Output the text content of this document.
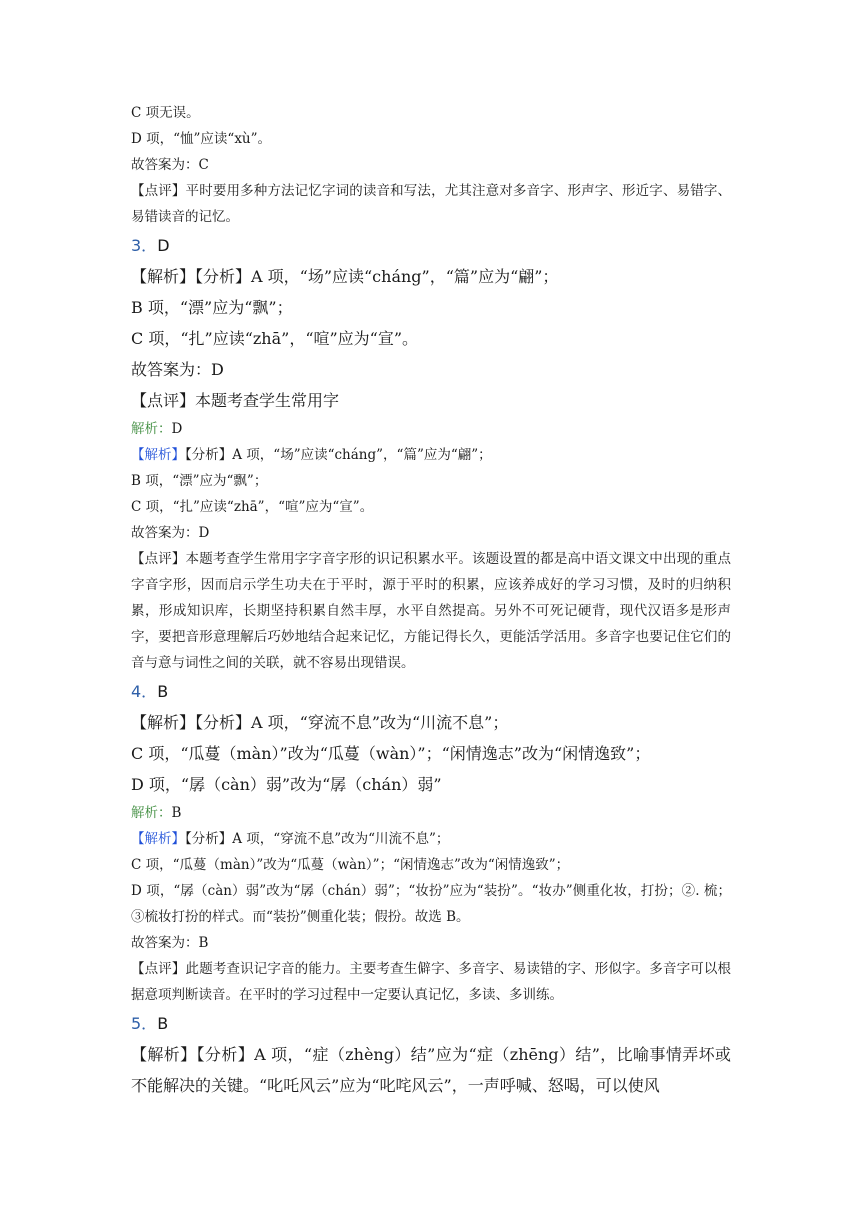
C 项无误。
D 项，“恤”应读“xù”。
故答案为：C
【点评】平时要用多种方法记忆字词的读音和写法，尤其注意对多音字、形声字、形近字、易错字、易错读音的记忆。
3．D
【解析】【分析】A 项，“场”应读“cháng”，“篇”应为“翩”；
B 项，“漂”应为“飘”；
C 项，“扎”应读“zhā”，“喧”应为“宣”。
故答案为：D
【点评】本题考查学生常用字
解析：D
【解析】【分析】A 项，“场”应读“cháng”，“篇”应为“翩”；
B 项，“漂”应为“飘”；
C 项，“扎”应读“zhā”，“喧”应为“宣”。
故答案为：D
【点评】本题考查学生常用字字音字形的识记积累水平。该题设置的都是高中语文课文中出现的重点字音字形，因而启示学生功夫在于平时，源于平时的积累，应该养成好的学习习惯，及时的归纳积累，形成知识库，长期坚持积累自然丰厚，水平自然提高。另外不可死记硬背，现代汉语多是形声字，要把音形意理解后巧妙地结合起来记忆，方能记得长久，更能活学活用。多音字也要记住它们的音与意与词性之间的关联，就不容易出现错误。
4．B
【解析】【分析】A 项，“穿流不息”改为“川流不息”；
C 项，“瓜蔓（màn）”改为“瓜蔓（wàn）”；“闲情逸志”改为“闲情逸致”；
D 项，“孱（càn）弱”改为“孱（chán）弱”
解析：B
【解析】【分析】A 项，“穿流不息”改为“川流不息”；
C 项，“瓜蔓（màn）”改为“瓜蔓（wàn）”；“闲情逸志”改为“闲情逸致”；
D 项，“孱（càn）弱”改为“孱（chán）弱”；“妆扮”应为“装扮”。“妆办”侧重化妆，打扮；②. 梳；③梳妆打扮的样式。而“装扮”侧重化装；假扮。故选 B。
故答案为：B
【点评】此题考查识记字音的能力。主要考查生僻字、多音字、易读错的字、形似字。多音字可以根据意项判断读音。在平时的学习过程中一定要认真记忆，多读、多训练。
5．B
【解析】【分析】A 项，“症（zhèng）结”应为“症（zhēng）结”，比喻事情弄坏或不能解决的关键。“叱吒风云”应为“叱咤风云”，一声呼喊、怒喝，可以使风
